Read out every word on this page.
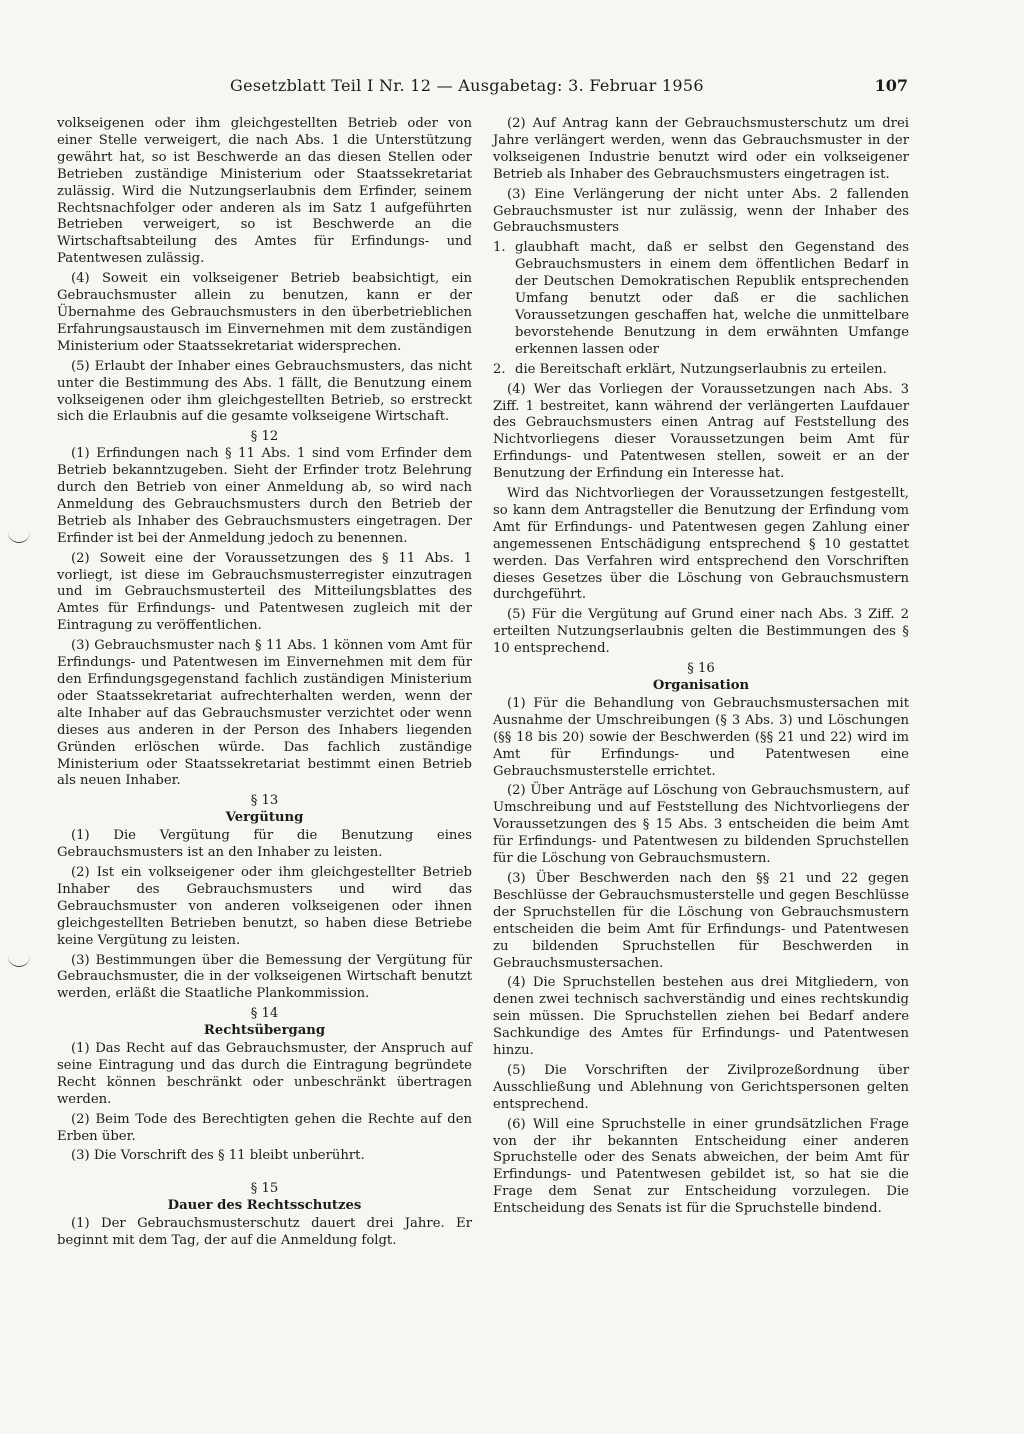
Gesetzblatt Teil I Nr. 12 — Ausgabetag: 3. Februar 1956	107

volkseigenen oder ihm gleichgestellten Betrieb oder von einer Stelle verweigert, die nach Abs. 1 die Unterstützung gewährt hat, so ist Beschwerde an das diesen Stellen oder Betrieben zuständige Ministerium oder Staatssekretariat zulässig. Wird die Nutzungserlaubnis dem Erfinder, seinem Rechtsnachfolger oder anderen als im Satz 1 aufgeführten Betrieben verweigert, so ist Beschwerde an die Wirtschaftsabteilung des Amtes für Erfindungs- und Patentwesen zulässig.

(4) Soweit ein volkseigener Betrieb beabsichtigt, ein Gebrauchsmuster allein zu benutzen, kann er der Übernahme des Gebrauchsmusters in den überbetrieblichen Erfahrungsaustausch im Einvernehmen mit dem zuständigen Ministerium oder Staatssekretariat widersprechen.

(5) Erlaubt der Inhaber eines Gebrauchsmusters, das nicht unter die Bestimmung des Abs. 1 fällt, die Benutzung einem volkseigenen oder ihm gleichgestellten Betrieb, so erstreckt sich die Erlaubnis auf die gesamte volkseigene Wirtschaft.

§ 12

(1) Erfindungen nach § 11 Abs. 1 sind vom Erfinder dem Betrieb bekanntzugeben. Sieht der Erfinder trotz Belehrung durch den Betrieb von einer Anmeldung ab, so wird nach Anmeldung des Gebrauchsmusters durch den Betrieb der Betrieb als Inhaber des Gebrauchsmusters eingetragen. Der Erfinder ist bei der Anmeldung jedoch zu benennen.

(2) Soweit eine der Voraussetzungen des § 11 Abs. 1 vorliegt, ist diese im Gebrauchsmusterregister einzutragen und im Gebrauchsmusterteil des Mitteilungsblattes des Amtes für Erfindungs- und Patentwesen zugleich mit der Eintragung zu veröffentlichen.

(3) Gebrauchsmuster nach § 11 Abs. 1 können vom Amt für Erfindungs- und Patentwesen im Einvernehmen mit dem für den Erfindungsgegenstand fachlich zuständigen Ministerium oder Staatssekretariat aufrechterhalten werden, wenn der alte Inhaber auf das Gebrauchsmuster verzichtet oder wenn dieses aus anderen in der Person des Inhabers liegenden Gründen erlöschen würde. Das fachlich zuständige Ministerium oder Staatssekretariat bestimmt einen Betrieb als neuen Inhaber.

§ 13
Vergütung

(1) Die Vergütung für die Benutzung eines Gebrauchsmusters ist an den Inhaber zu leisten.

(2) Ist ein volkseigener oder ihm gleichgestellter Betrieb Inhaber des Gebrauchsmusters und wird das Gebrauchsmuster von anderen volkseigenen oder ihnen gleichgestellten Betrieben benutzt, so haben diese Betriebe keine Vergütung zu leisten.

(3) Bestimmungen über die Bemessung der Vergütung für Gebrauchsmuster, die in der volkseigenen Wirtschaft benutzt werden, erläßt die Staatliche Plankommission.

§ 14
Rechtsübergang

(1) Das Recht auf das Gebrauchsmuster, der Anspruch auf seine Eintragung und das durch die Eintragung begründete Recht können beschränkt oder unbeschränkt übertragen werden.

(2) Beim Tode des Berechtigten gehen die Rechte auf den Erben über.

(3) Die Vorschrift des § 11 bleibt unberührt.

§ 15
Dauer des Rechtsschutzes

(1) Der Gebrauchsmusterschutz dauert drei Jahre. Er beginnt mit dem Tag, der auf die Anmeldung folgt.

(2) Auf Antrag kann der Gebrauchsmusterschutz um drei Jahre verlängert werden, wenn das Gebrauchsmuster in der volkseigenen Industrie benutzt wird oder ein volkseigener Betrieb als Inhaber des Gebrauchsmusters eingetragen ist.

(3) Eine Verlängerung der nicht unter Abs. 2 fallenden Gebrauchsmuster ist nur zulässig, wenn der Inhaber des Gebrauchsmusters

1. glaubhaft macht, daß er selbst den Gegenstand des Gebrauchsmusters in einem dem öffentlichen Bedarf in der Deutschen Demokratischen Republik entsprechenden Umfang benutzt oder daß er die sachlichen Voraussetzungen geschaffen hat, welche die unmittelbare bevorstehende Benutzung in dem erwähnten Umfange erkennen lassen oder
2. die Bereitschaft erklärt, Nutzungserlaubnis zu erteilen.

(4) Wer das Vorliegen der Voraussetzungen nach Abs. 3 Ziff. 1 bestreitet, kann während der verlängerten Laufdauer des Gebrauchsmusters einen Antrag auf Feststellung des Nichtvorliegens dieser Voraussetzungen beim Amt für Erfindungs- und Patentwesen stellen, soweit er an der Benutzung der Erfindung ein Interesse hat.

Wird das Nichtvorliegen der Voraussetzungen festgestellt, so kann dem Antragsteller die Benutzung der Erfindung vom Amt für Erfindungs- und Patentwesen gegen Zahlung einer angemessenen Entschädigung entsprechend § 10 gestattet werden. Das Verfahren wird entsprechend den Vorschriften dieses Gesetzes über die Löschung von Gebrauchsmustern durchgeführt.

(5) Für die Vergütung auf Grund einer nach Abs. 3 Ziff. 2 erteilten Nutzungserlaubnis gelten die Bestimmungen des § 10 entsprechend.

§ 16
Organisation

(1) Für die Behandlung von Gebrauchsmustersachen mit Ausnahme der Umschreibungen (§ 3 Abs. 3) und Löschungen (§§ 18 bis 20) sowie der Beschwerden (§§ 21 und 22) wird im Amt für Erfindungs- und Patentwesen eine Gebrauchsmusterstelle errichtet.

(2) Über Anträge auf Löschung von Gebrauchsmustern, auf Umschreibung und auf Feststellung des Nichtvorliegens der Voraussetzungen des § 15 Abs. 3 entscheiden die beim Amt für Erfindungs- und Patentwesen zu bildenden Spruchstellen für die Löschung von Gebrauchsmustern.

(3) Über Beschwerden nach den §§ 21 und 22 gegen Beschlüsse der Gebrauchsmusterstelle und gegen Beschlüsse der Spruchstellen für die Löschung von Gebrauchsmustern entscheiden die beim Amt für Erfindungs- und Patentwesen zu bildenden Spruchstellen für Beschwerden in Gebrauchsmustersachen.

(4) Die Spruchstellen bestehen aus drei Mitgliedern, von denen zwei technisch sachverständig und eines rechtskundig sein müssen. Die Spruchstellen ziehen bei Bedarf andere Sachkundige des Amtes für Erfindungs- und Patentwesen hinzu.

(5) Die Vorschriften der Zivilprozeßordnung über Ausschließung und Ablehnung von Gerichtspersonen gelten entsprechend.

(6) Will eine Spruchstelle in einer grundsätzlichen Frage von der ihr bekannten Entscheidung einer anderen Spruchstelle oder des Senats abweichen, der beim Amt für Erfindungs- und Patentwesen gebildet ist, so hat sie die Frage dem Senat zur Entscheidung vorzulegen. Die Entscheidung des Senats ist für die Spruchstelle bindend.
